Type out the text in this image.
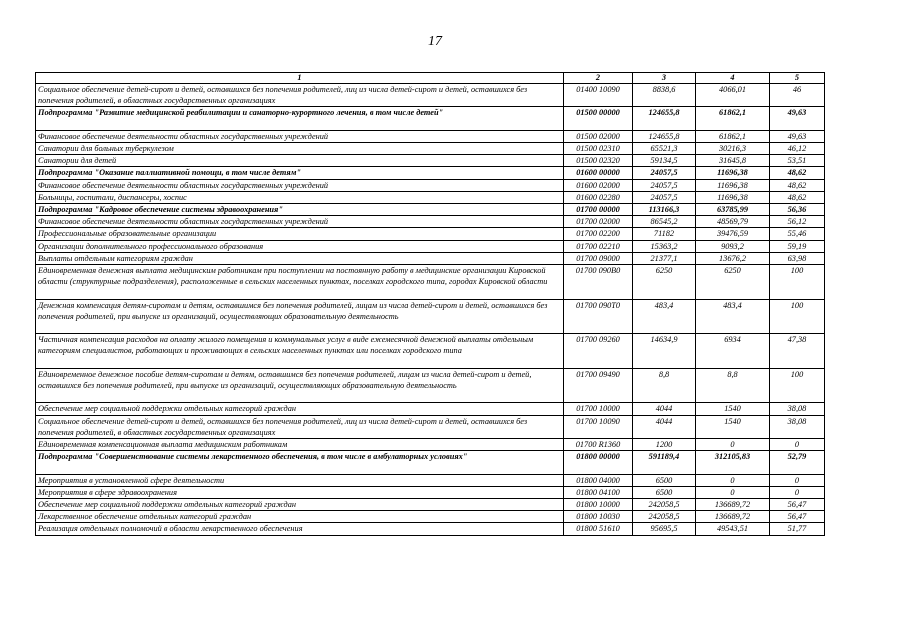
17
1	2	3	4	5
Социальное обеспечение детей-сирот и детей, оставшихся без попечения родителей, лиц из числа детей-сирот и детей, оставшихся без попечения родителей, в областных государственных организациях	01400 10090	8838,6	4066,01	46
Подпрограмма "Развитие медицинской реабилитации и санаторно-курортного лечения, в том числе детей"	01500 00000	124655,8	61862,1	49,63
Финансовое обеспечение деятельности областных государственных учреждений	01500 02000	124655,8	61862,1	49,63
Санатории для больных туберкулезом	01500 02310	65521,3	30216,3	46,12
Санатории для детей	01500 02320	59134,5	31645,8	53,51
Подпрограмма "Оказание паллиативной помощи, в том числе детям"	01600 00000	24057,5	11696,38	48,62
Финансовое обеспечение деятельности областных государственных учреждений	01600 02000	24057,5	11696,38	48,62
Больницы, госпитали, диспансеры, хоспис	01600 02280	24057,5	11696,38	48,62
Подпрограмма "Кадровое обеспечение системы здравоохранения"	01700 00000	113166,3	63785,99	56,36
Финансовое обеспечение деятельности областных государственных учреждений	01700 02000	86545,2	48569,79	56,12
Профессиональные образовательные организации	01700 02200	71182	39476,59	55,46
Организации дополнительного профессионального образования	01700 02210	15363,2	9093,2	59,19
Выплаты отдельным категориям граждан	01700 09000	21377,1	13676,2	63,98
Единовременная денежная выплата медицинским работникам при поступлении на постоянную работу в медицинские организации Кировской области (структурные подразделения), расположенные в сельских населенных пунктах, поселках городского типа, городах Кировской области	01700 090В0	6250	6250	100
Денежная компенсация детям-сиротам и детям, оставшимся без попечения родителей, лицам из числа детей-сирот и детей, оставшихся без попечения родителей, при выпуске из организаций, осуществляющих образовательную деятельность	01700 090Т0	483,4	483,4	100
Частичная компенсация расходов на оплату жилого помещения и коммунальных услуг в виде ежемесячной денежной выплаты отдельным категориям специалистов, работающих и проживающих в сельских населенных пунктах или поселках городского типа	01700 09260	14634,9	6934	47,38
Единовременное денежное пособие детям-сиротам и детям, оставшимся без попечения родителей, лицам из числа детей-сирот и детей, оставшихся без попечения родителей, при выпуске из организаций, осуществляющих образовательную деятельность	01700 09490	8,8	8,8	100
Обеспечение мер социальной поддержки отдельных категорий граждан	01700 10000	4044	1540	38,08
Социальное обеспечение детей-сирот и детей, оставшихся без попечения родителей, лиц из числа детей-сирот и детей, оставшихся без попечения родителей, в областных государственных организациях	01700 10090	4044	1540	38,08
Единовременная компенсационная выплата медицинским работникам	01700 R1360	1200	0	0
Подпрограмма "Совершенствование системы лекарственного обеспечения, в том числе в амбулаторных условиях"	01800 00000	591189,4	312105,83	52,79
Мероприятия в установленной сфере деятельности	01800 04000	6500	0	0
Мероприятия в сфере здравоохранения	01800 04100	6500	0	0
Обеспечение мер социальной поддержки отдельных категорий граждан	01800 10000	242058,5	136689,72	56,47
Лекарственное обеспечение отдельных категорий граждан	01800 10030	242058,5	136689,72	56,47
Реализация отдельных полномочий в области лекарственного обеспечения	01800 51610	95695,5	49543,51	51,77
